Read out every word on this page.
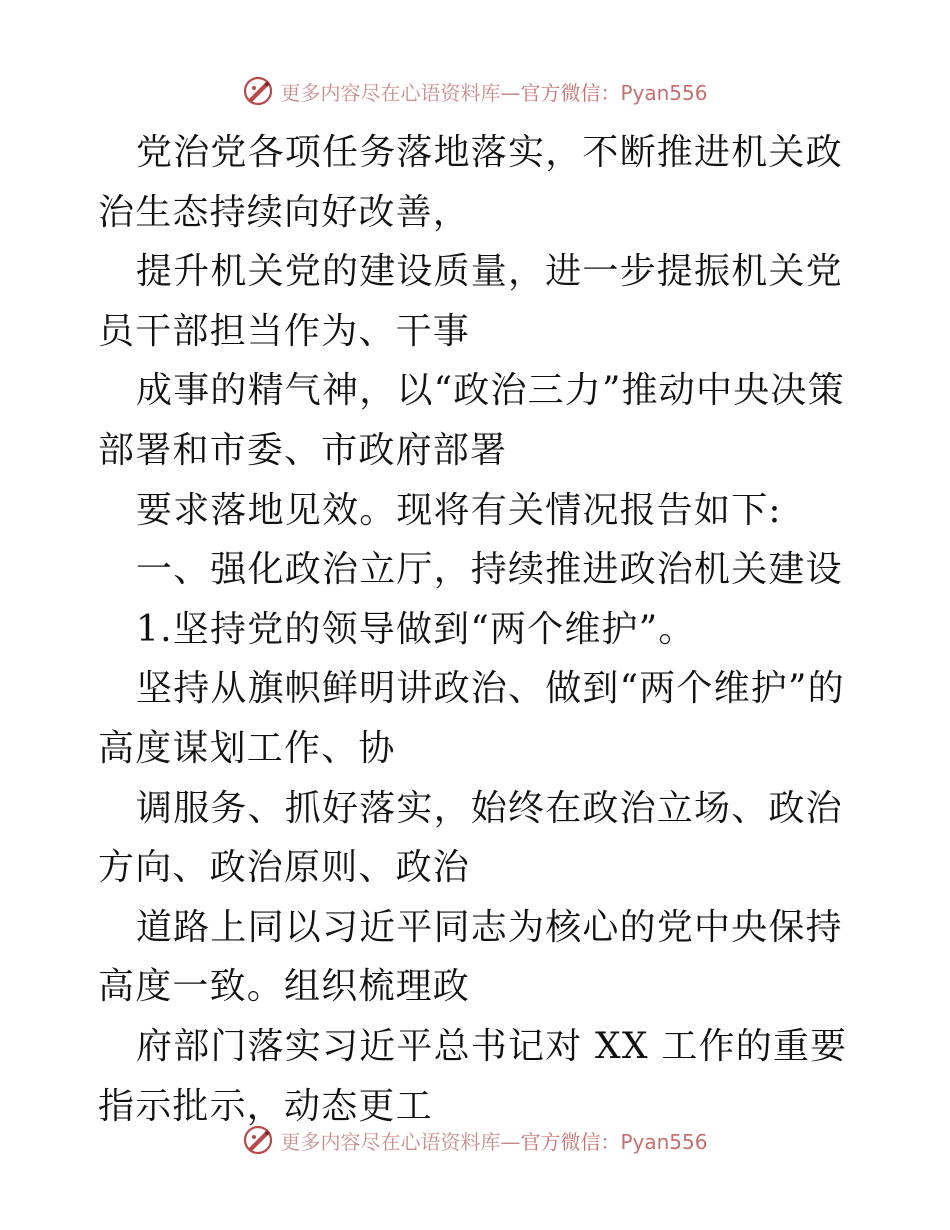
更多内容尽在心语资料库— 官方微信：Pyan556

党治党各项任务落地落实，不断推进机关政治生态持续向好改善，

提升机关党的建设质量，进一步提振机关党员干部担当作为、干事

成事的精气神，以“政治三力”推动中央决策部署和市委、市政府部署

要求落地见效。现将有关情况报告如下:

一、强化政治立厅，持续推进政治机关建设

1.坚持党的领导做到“两个维护”。

坚持从旗帜鲜明讲政治、做到“两个维护”的高度谋划工作、协

调服务、抓好落实，始终在政治立场、政治方向、政治原则、政治

道路上同以习近平同志为核心的党中央保持高度一致。组织梳理政

府部门落实习近平总书记对 XX 工作的重要指示批示，动态更工

更多内容尽在心语资料库— 官方微信：Pyan556
